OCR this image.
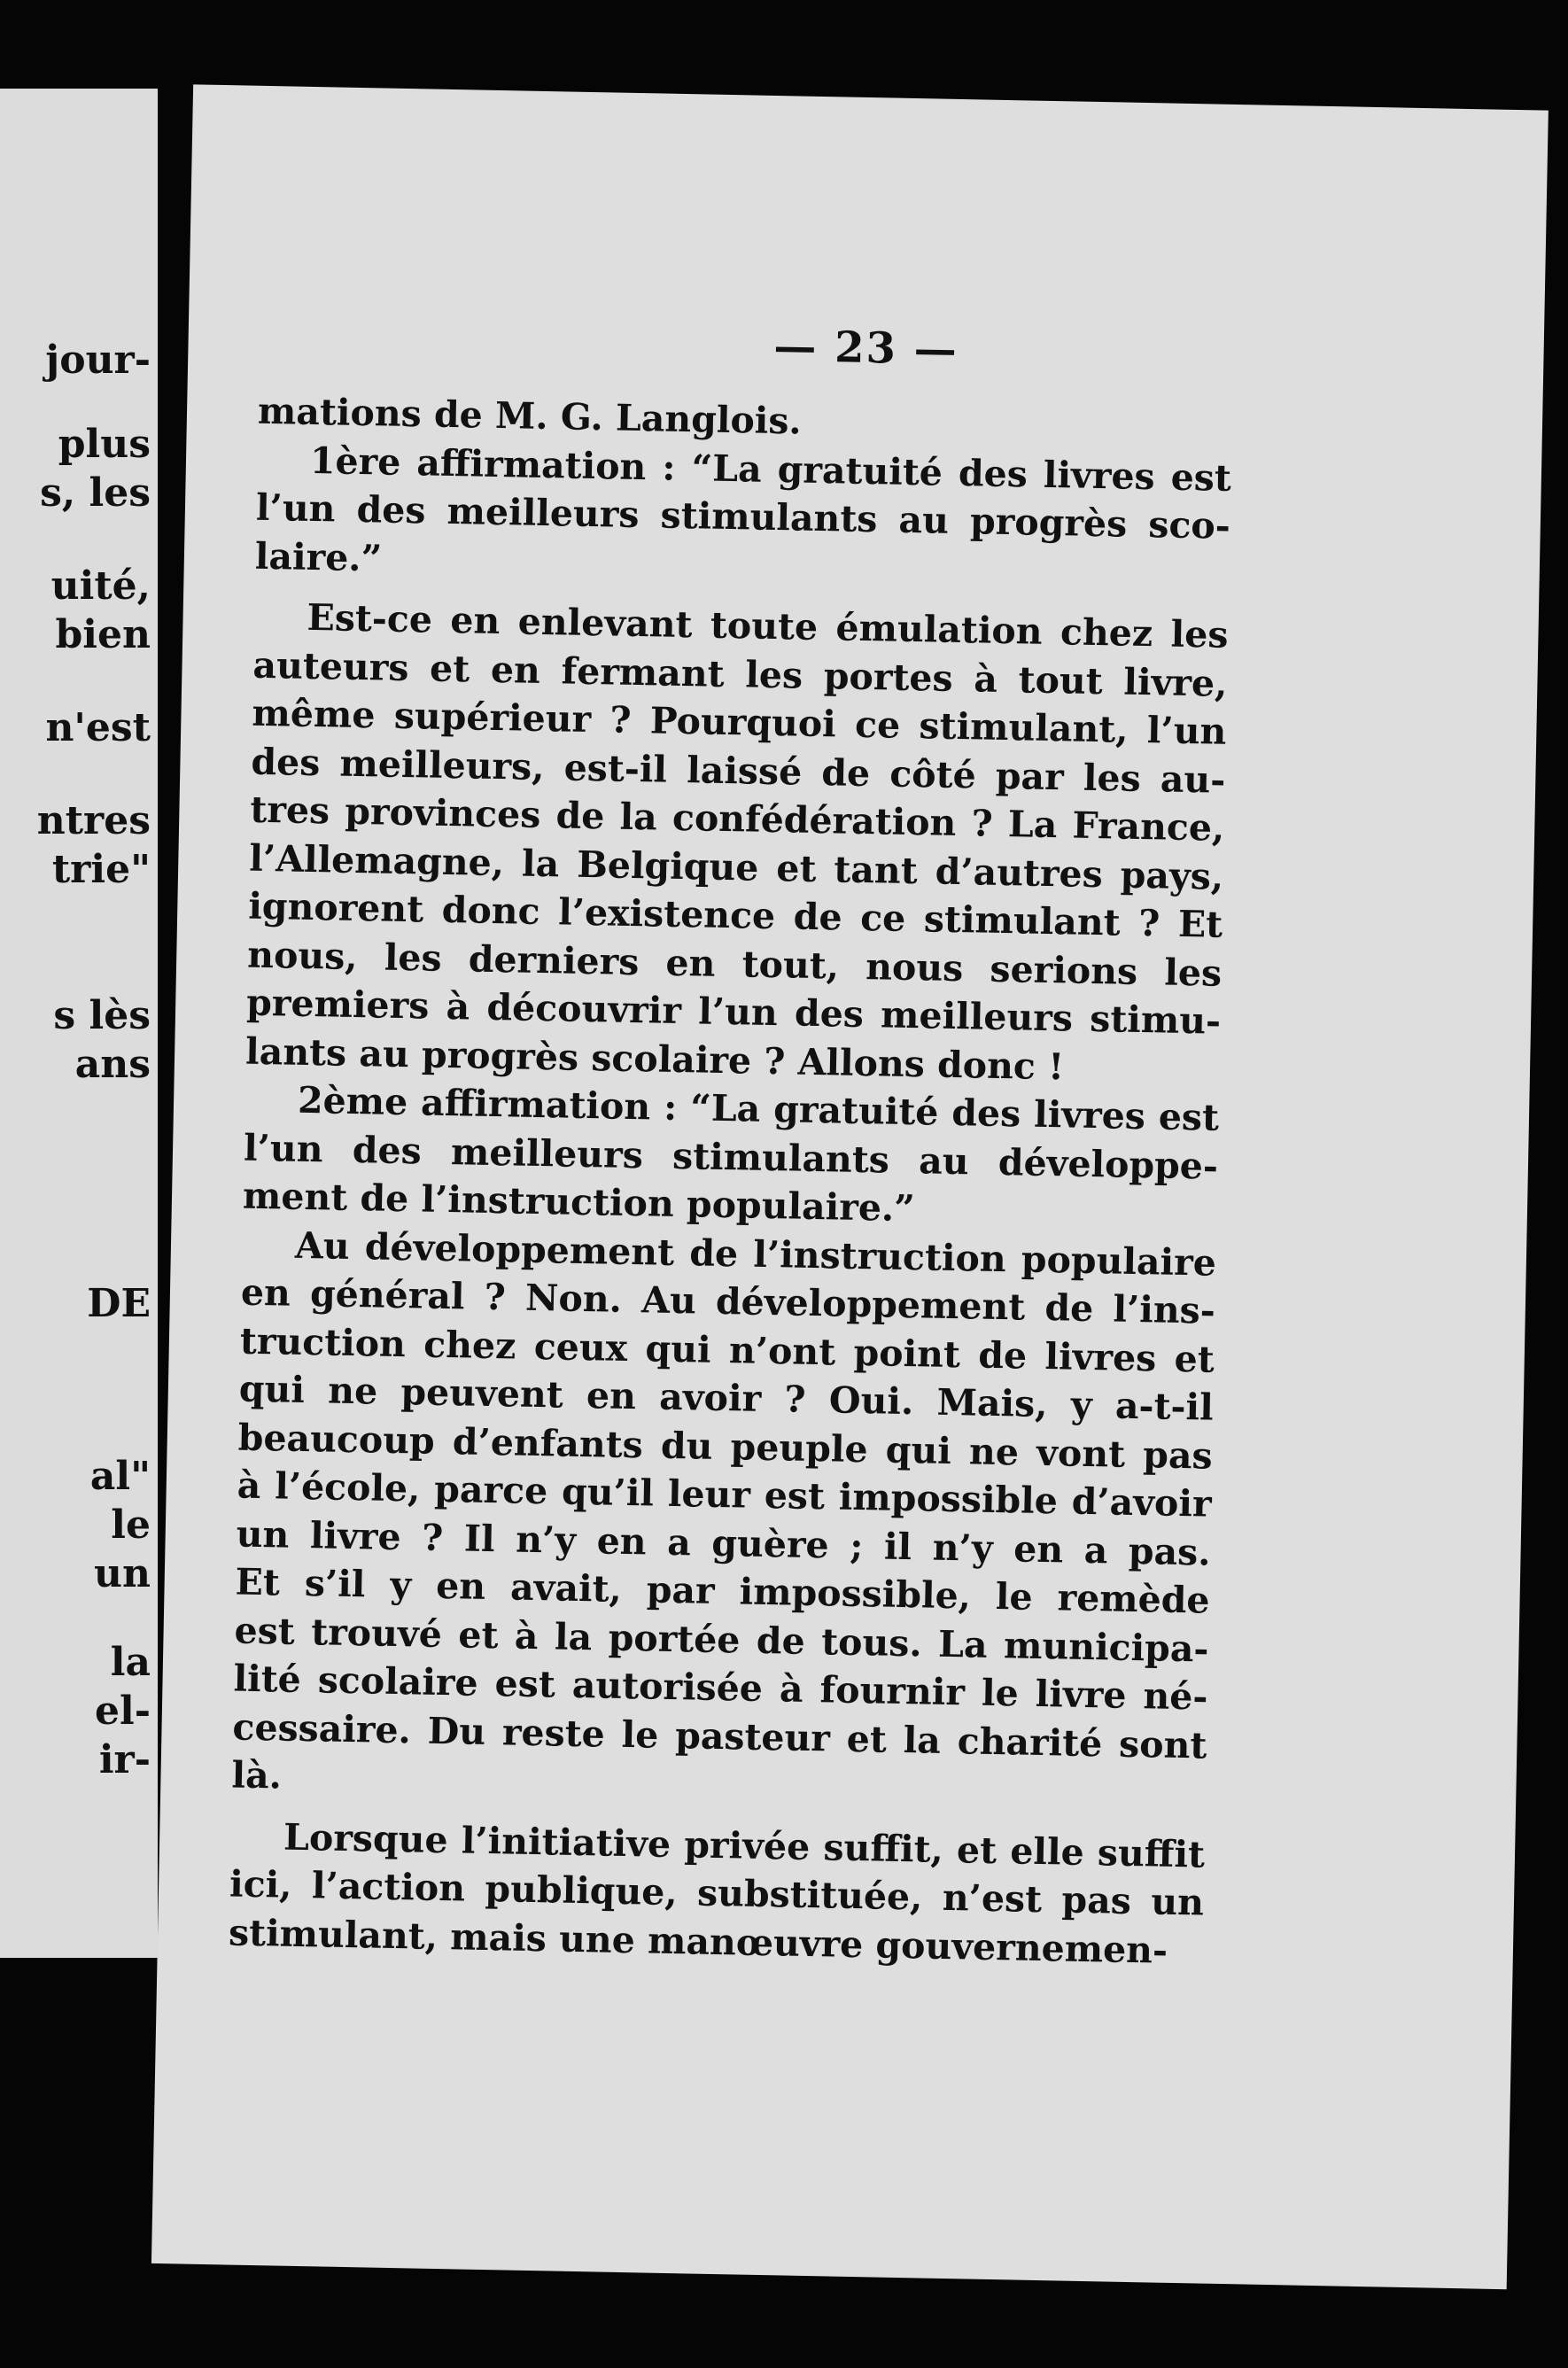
jour-
plus
s, les
uité,
bien
n'est
ntres
trie"
s lès
ans
DE
al"
le
un
la
el-
ir-
— 23 —
mations de M. G. Langlois.
1ère affirmation : “La gratuité des livres est
l’un des meilleurs stimulants au progrès sco-
laire.”
Est-ce en enlevant toute émulation chez les
auteurs et en fermant les portes à tout livre,
même supérieur ? Pourquoi ce stimulant, l’un
des meilleurs, est-il laissé de côté par les au-
tres provinces de la confédération ? La France,
l’Allemagne, la Belgique et tant d’autres pays,
ignorent donc l’existence de ce stimulant ? Et
nous, les derniers en tout, nous serions les
premiers à découvrir l’un des meilleurs stimu-
lants au progrès scolaire ? Allons donc !
2ème affirmation : “La gratuité des livres est
l’un des meilleurs stimulants au développe-
ment de l’instruction populaire.”
Au développement de l’instruction populaire
en général ? Non. Au développement de l’ins-
truction chez ceux qui n’ont point de livres et
qui ne peuvent en avoir ? Oui. Mais, y a-t-il
beaucoup d’enfants du peuple qui ne vont pas
à l’école, parce qu’il leur est impossible d’avoir
un livre ? Il n’y en a guère ; il n’y en a pas.
Et s’il y en avait, par impossible, le remède
est trouvé et à la portée de tous. La municipa-
lité scolaire est autorisée à fournir le livre né-
cessaire. Du reste le pasteur et la charité sont
là.
Lorsque l’initiative privée suffit, et elle suffit
ici, l’action publique, substituée, n’est pas un
stimulant, mais une manœuvre gouvernemen-
